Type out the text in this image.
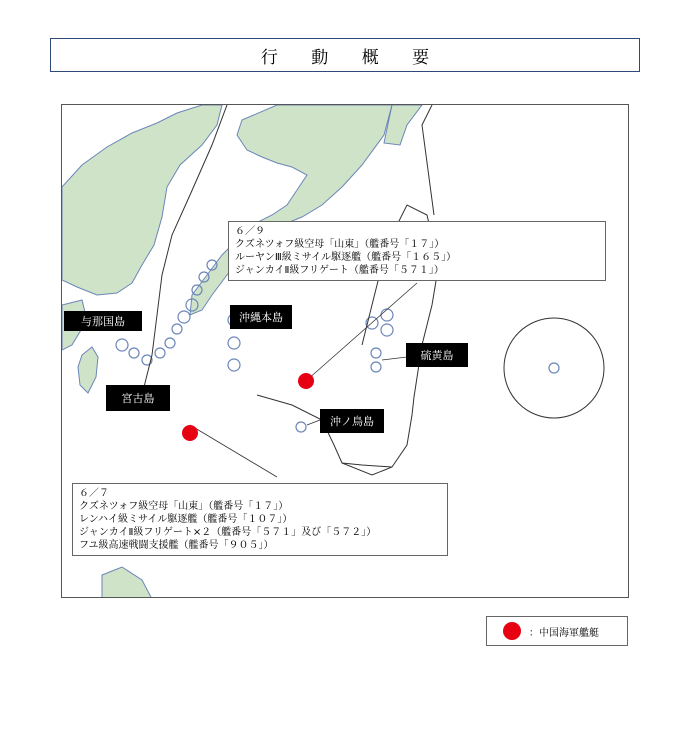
行 動 概 要
６／９
クズネツォフ級空母「山東」（艦番号「１７」）
ルーヤンⅢ級ミサイル駆逐艦（艦番号「１６５」）
ジャンカイⅡ級フリゲート（艦番号「５７１」）
６／７
クズネツォフ級空母「山東」（艦番号「１７」）
レンハイ級ミサイル駆逐艦（艦番号「１０７」）
ジャンカイⅡ級フリゲート×２（艦番号「５７１」及び「５７２」）
フユ級高速戦闘支援艦（艦番号「９０５」）
硫黄島
沖ノ鳥島
与那国島	沖縄本島
宮古島
：中国海軍艦艇
